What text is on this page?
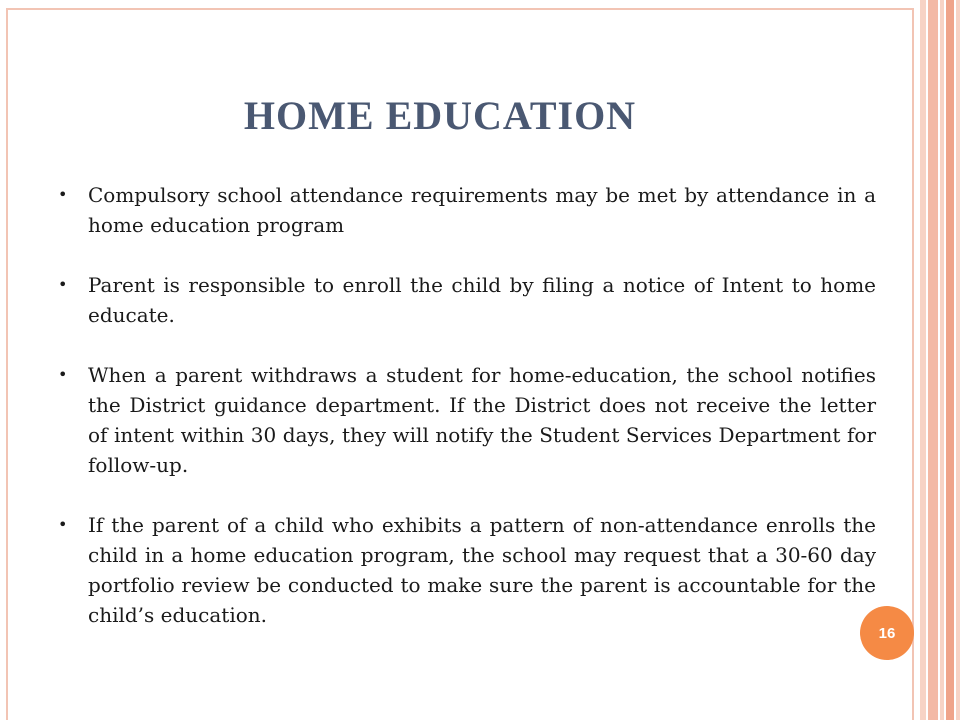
HOME EDUCATION
• Compulsory school attendance requirements may be met by attendance in a home education program
• Parent is responsible to enroll the child by filing a notice of Intent to home educate.
• When a parent withdraws a student for home-education, the school notifies the District guidance department. If the District does not receive the letter of intent within 30 days, they will notify the Student Services Department for follow-up.
• If the parent of a child who exhibits a pattern of non-attendance enrolls the child in a home education program, the school may request that a 30-60 day portfolio review be conducted to make sure the parent is accountable for the child’s education.
16
